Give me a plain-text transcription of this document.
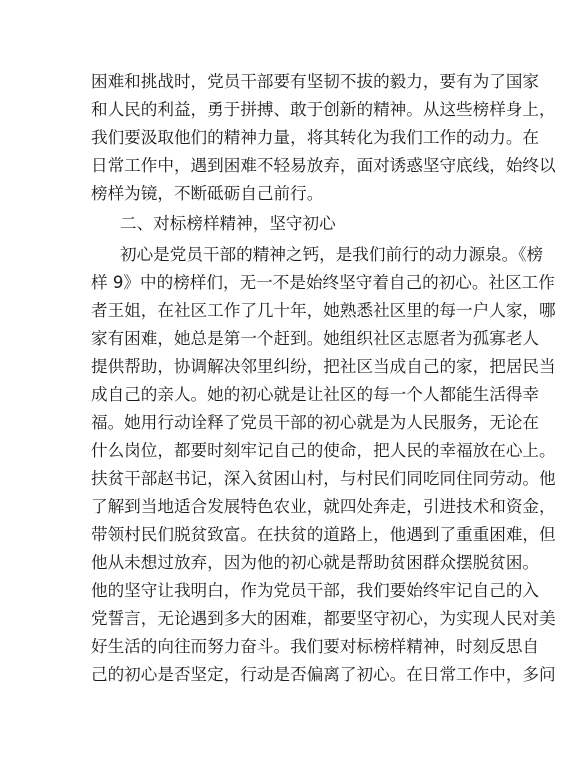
困难和挑战时，党员干部要有坚韧不拔的毅力，要有为了国家
和人民的利益，勇于拼搏、敢于创新的精神。从这些榜样身上，
我们要汲取他们的精神力量，将其转化为我们工作的动力。在
日常工作中，遇到困难不轻易放弃，面对诱惑坚守底线，始终以
榜样为镜，不断砥砺自己前行。
二、对标榜样精神，坚守初心
初心是党员干部的精神之钙，是我们前行的动力源泉。《榜
样 9》中的榜样们，无一不是始终坚守着自己的初心。社区工作
者王姐，在社区工作了几十年，她熟悉社区里的每一户人家，哪
家有困难，她总是第一个赶到。她组织社区志愿者为孤寡老人
提供帮助，协调解决邻里纠纷，把社区当成自己的家，把居民当
成自己的亲人。她的初心就是让社区的每一个人都能生活得幸
福。她用行动诠释了党员干部的初心就是为人民服务，无论在
什么岗位，都要时刻牢记自己的使命，把人民的幸福放在心上。
扶贫干部赵书记，深入贫困山村，与村民们同吃同住同劳动。他
了解到当地适合发展特色农业，就四处奔走，引进技术和资金，
带领村民们脱贫致富。在扶贫的道路上，他遇到了重重困难，但
他从未想过放弃，因为他的初心就是帮助贫困群众摆脱贫困。
他的坚守让我明白，作为党员干部，我们要始终牢记自己的入
党誓言，无论遇到多大的困难，都要坚守初心，为实现人民对美
好生活的向往而努力奋斗。我们要对标榜样精神，时刻反思自
己的初心是否坚定，行动是否偏离了初心。在日常工作中，多问
